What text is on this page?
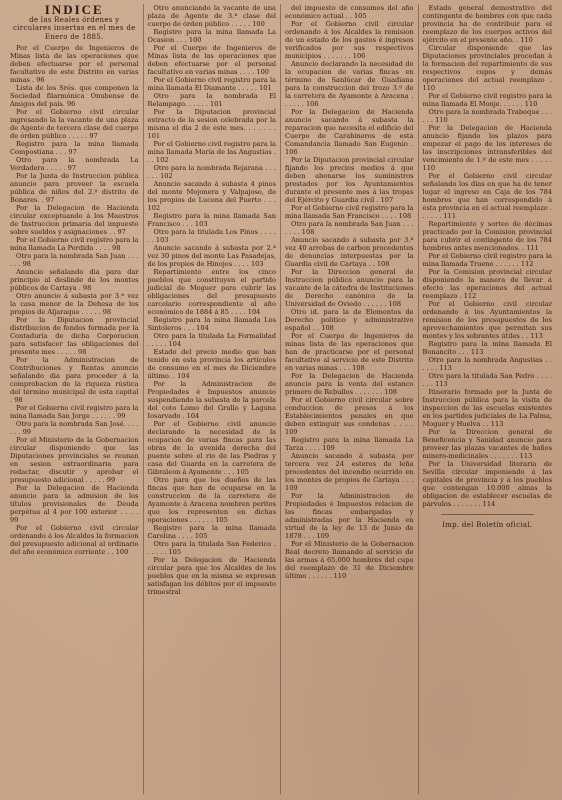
INDICE
de las Reales órdenes y circulares insertas en el mes de Enero de 1885.

Por el Cuerpo de Ingenieros de Minas lista de las operaciones que deben efectuarse por el personal facultativo de este Distrito en varias minas . 96

Lista de los Srés. que componen la Sociedad filarmónica Onubense de Amigos del país. 96

Por el Gobierno civil circular ingresando la la vacante de una plaza de Agente de tercera clase del cuerpo de órden público . . . . . 97

Registro para la mina llamada Compostiana . . . 97

Otro para la nombrada La Verdadera . . . . . 97

Por la Junta de Instruccion pública anuncio para proveer la escuela pública de niños del 2.º distrito de Bonares. . 97

Por la Delegacion de Hacienda circular exceptuando á los Maestros de Instruccion primaria del impuesto sobre sueldos y asignaciones . . 97

Por el Gobierno civil registro para la mina llamada La Perdida . . . . 98

Otro para la nombrada San Juan . . . . . . 98

Anuncio señalando dia para dar principio al deslinde de los montes públicos de Cartaya . 98

Otro anuncio á subasta por 3.ª vez la casa menor de la Dehesa de los propios de Aljaraque . . . . . 98

Por la Diputacion provincial distribucion de fondos formada por la Contaduría de dicha Corporacion para satisfacer las obligaciones del presente mes . . . . . 98

Por la Administracion de Contribuciones y Rentas anuncio señalando dia para proceder á la comprobacion de la riqueza rústica del término municipal de esta capital . 98

Por el Gobierno civil registro para la mina llamada San Jorge . . . . . . 99

Otro para la nombrada San José. . . . . . . 99

Por el Ministerio de la Gobernacion circular disponiendo que las Diputaciones provinciales se reunan en sesion extraordinaria para redactar, discutir y aprobar el presupuesto adicional . . . . . 99

Por la Delegacion de Hacienda anuncio para la admision de los títulos provisionales de Deuda perpétua al 4 por 100 exterior . . . . 99

Por el Gobierno civil circular ordenando á los Alcaldes la formacion del presupuesto adicional al ordinario del año económico corriente . . 100

Otro anunciando la vacante de una plaza de Agente de 3.ª clase del cuerpo de órden público . . . . . 100

Registro para la mina llamada La Ocasion . . . 100

Por el Cuerpo de Ingenieros de Minas lista de las operaciones que deben efectuarse por el personal facultativo en varias minas . . . . 100

Por el Gobierno civil registro para la mina llamada El Diamante . . . . . 101

Otro para la nombrada El Relampago. . . . . . 101

Por la Diputacion provincial extracto de la sesion celebrada por la misma el dia 2 de este mes. . . . . . . 101

Por el Gobierno civil registro para la mina llamada María de las Angustias . . . 102

Otro para la nombrada Rejarana . . . . . . 102

Anuncio sacando á subasta 4 pinos del monte Mojonera y Valpajoso, de los propios de Lucena del Puerto . . . 102

Registro para la mina llamada San Francisco . . . 103

Otro para la titulada Los Pinos . . . . . . 103

Anuncio sacando á subasta por 2.ª vez 30 pinos del monte Las Pasadejas, de los propios de Hinojos . . . . 103

Repartimiento entre los cinco pueblos que constituyen el partido judicial de Moguer para cubrir las obligaciones del presupuesto carcelario correspondiente al año económico de 1884 á 85 . . . . 104

Registro para la mina llamada Los Sintoleros . . . 104

Otro para la titulada La Formalidad . . . . . 104

Estado del precio medio que han tenido en esta provincia los artículos de consumo en el mes de Diciembre último. . 104

Por la Administracion de Propiedades é Impuestos anuncio suspendiendo la subasta de la parcela del coto Lomo del Grullo y Laguna Iosarvado . 104

Por el Gobierno civil anuncio declarando la necesidad de la ocupacion de varias fincas para las obras de la avenida derecha del puente sobre el rio de las Piedras y casa del Guarda en la carretera de Gibraleon á Ayamonte . . . 105

Otro para que los dueños de las fincas que han de ocuparse en la construccion de la carretera de Ayamonte á Aracena nombren peritos que los representen en dichas operaciones . . . . . . 105

Registro para la mina llamada Carolina . . . . 105

Otro para la titulada San Federico . . . . . . 105

Por la Delegacion de Hacienda circular para que los Alcaldes de los pueblos que en la misma se expresan satisfagan los débitos por el impuesto trimestral

del impuesto de consumos del año económico actual . . 105

Por el Gobierno civil circular ordenando á los Alcaldes la remision de un estado de los gastos é ingresos verificados por sus respectivos municipios . . . . . . . 106

Anuncio declarando la necesidad de la ocupacion de varias fincas en término de Sanlúcar de Guadiana para la construccion del trozo 3.º de la carretera de Ayamonte á Aracena . . . . . . 106

Por la Delegacion de Hacienda anuncio sacando á subasta la reparacion que necesita el edificio del Cuerpo de Carabineros de esta Comandancia llamado San Eugenio . 106

Por la Diputacion provincial circular fijando los precios medios á que deben abonarse los suministros prestados por los Ayuntamientos durante el presente mes á las tropas del Ejército y Guardia civil . 107

Por el Gobierno civil registro para la mina llamada San Francisco . . . . 108

Otro para la nombrada San Juan . . . . . . . 108

Anuncio sacando á subasta por 3.ª vez 40 arrobas de carbon procedentes de denuncias interpuestas por la Guardia civil de Cartaya . . 108

Por la Direccion general de Instruccion pública anuncio para la vacante de la cátedra de Instituciones de Derecho canónico de la Universidad de Oviedo . . . . . . 108

Otro id. para la de Elementos de Derecho político y administrativo español . . 108

Por el Cuerpo de Ingenieros de minas lista de las operaciones que han de practicarse por el personal facultativo al servicio de este Distrito en varias minas . . . 108

Por la Delegacion de Hacienda anuncio para la venta del estanco primero de Rebullos . . . . . . . 108

Por el Gobierno civil circular sobre conduccion de presos á los Establecimientos penales en que deben extinguir sus condenas . . . . 109

Registro para la mina llamada La Tarza . . . . 109

Anuncio sacando á subasta por tercera vez 24 esteros de leña procedentes del incendio ocurrido en los montes de propios de Cartaya . . . 109

Por la Administracion de Propiedades é Impuestos relacion de las fincas embargadas y administradas por la Hacienda en virtud de la ley de 13 de Junio de 1878 . . . 109

Por el Ministerio de la Gobernacion Real decreto llamando al servicio de las armas á 65.000 hombres del cupo del reemplazo de 31 de Diciembre último . . . . . . 110

Estado general demostrativo del contingente de hombres con que cada provincia ha de contribuir para el reemplazo de los cuerpos activos del ejército en el presente año. . 110

Circular disponiendo que las Diputaciones provinciales procedan á la formacion del repartimiento de sus respectivos cupos y demás operaciones del actual reemplazo . 110

Por el Gobierno civil registro para la mina llamada El Monje. . . . . . 110

Otro para la nombrada Trabeque . . . . . . 110

Por la Delegacion de Hacienda anuncio fijando los plazos para empezar el pago de los intereses de las inscripciones intransferibles del vencimiento de 1.º de este mes . . . . . 110

Por el Gobierno civil circular señalando los dias en que ha de tener lugar el ingreso en Caja de los 784 hombres que han correspondido á esta provincia en el actual reemplazo . . . . . . 111

Repartimiento y sorteo de décimas practicado por la Comision provincial para cubrir el contingente de los 784 hombres antes mencionados. . 111

Por el Gobierno civil registro para la mina llamada Trueno . . . . . . 112

Por la Comision provincial circular disponiendo la manera de llevar á efecto las operaciones del actual reemplazo . 112

Por el Gobierno civil circular ordenando á los Ayuntamientos la remision de los presupuestos de los aprovechamientos que permitan sus montes y los sobrantes útiles . . 113

Registro para la mina llamada El Bonancito . . . 113

Otro para la nombrada Angustias . . . . . . 113

Otro para la titulada San Pedro . . . . . . . 113

Itinerario formado por la Junta de Instruccion pública para la visita de inspeccion de las escuelas existentes en los partidos judiciales de La Palma, Moguer y Huelva . . 113

Por la Direccion general de Beneficencia y Sanidad anuncio para proveer las plazas vacantes de baños minero-medicinales . . . . . . . 113

Por la Universidad literaria de Sevilla circular imponiendo á las capitales de provincia y á los pueblos que contengan 10.000 almas la obligacion de establecer escuelas de párvulos . . . . . . . 114

Imp. del Boletín oficial.
